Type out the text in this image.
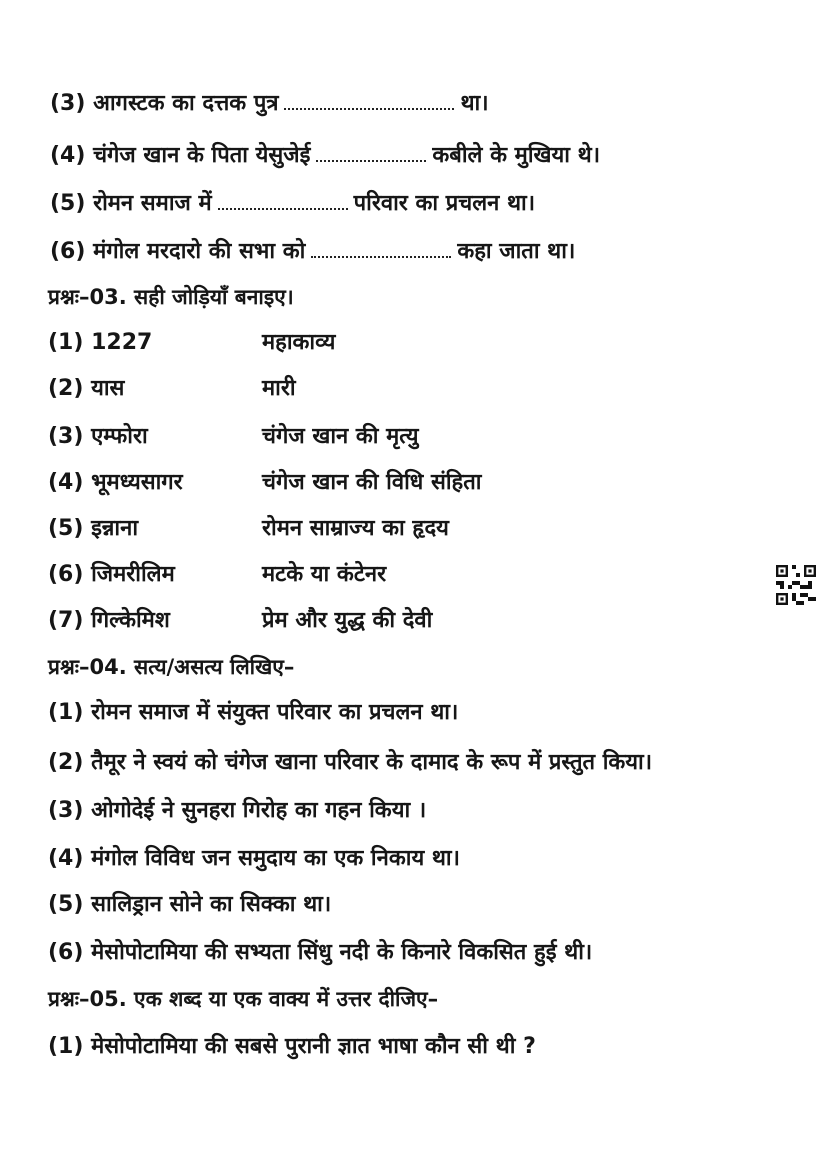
(3) आगस्टक का दत्तक पुत्र	था।
(4) चंगेज खान के पिता येसुजेई	कबीले के मुखिया थे।
(5) रोमन समाज में	परिवार का प्रचलन था।
(6) मंगोल मरदारो की सभा को	कहा जाता था।
प्रश्नः–03. सही जोड़ियाँ बनाइए।
(1) 1227	महाकाव्य
(2) यास	मारी
(3) एम्फोरा	चंगेज खान की मृत्यु
(4) भूमध्यसागर	चंगेज खान की विधि संहिता
(5) इन्नाना	रोमन साम्राज्य का हृदय
(6) जिमरीलिम	मटके या कंटेनर
(7) गिल्केमिश	प्रेम और युद्ध की देवी
प्रश्नः–04. सत्य/असत्य लिखिए–
(1) रोमन समाज में संयुक्त परिवार का प्रचलन था।
(2) तैमूर ने स्वयं को चंगेज खाना परिवार के दामाद के रूप में प्रस्तुत किया।
(3) ओगोदेई ने सुनहरा गिरोह का गहन किया ।
(4) मंगोल विविध जन समुदाय का एक निकाय था।
(5) सालिड्रान सोने का सिक्का था।
(6) मेसोपोटामिया की सभ्यता सिंधु नदी के किनारे विकसित हुई थी।
प्रश्नः–05. एक शब्द या एक वाक्य में उत्तर दीजिए–
(1) मेसोपोटामिया की सबसे पुरानी ज्ञात भाषा कौन सी थी ?
